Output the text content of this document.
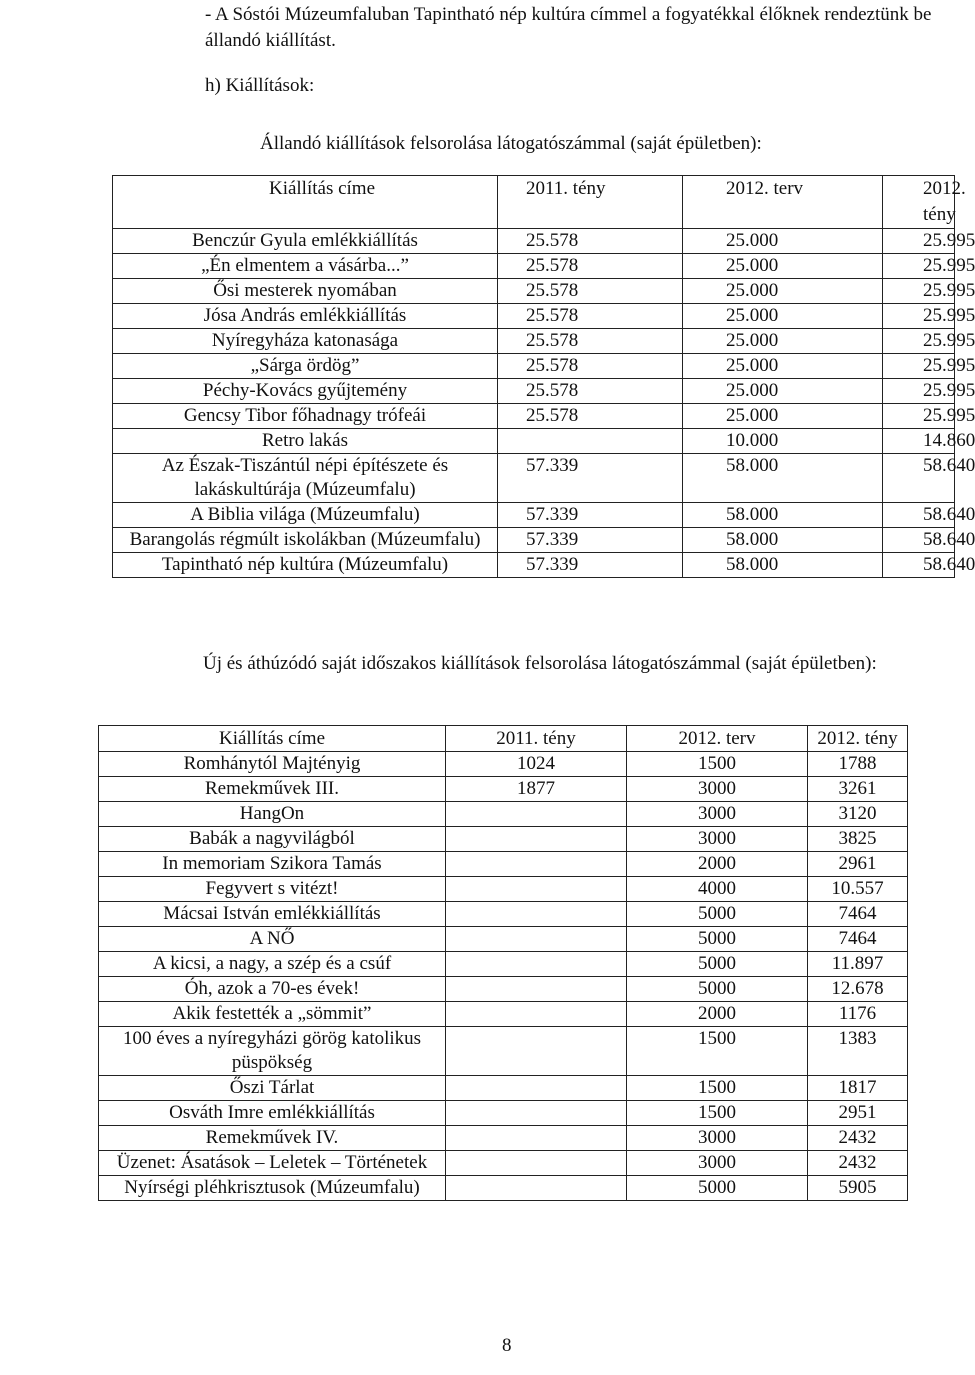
- A Sóstói Múzeumfaluban Tapintható nép kultúra címmel a fogyatékkal élőknek rendeztünk be állandó kiállítást.
h) Kiállítások:
Állandó kiállítások felsorolása látogatószámmal (saját épületben):
Kiállítás címe	2011. tény	2012. terv	2012. tény
Benczúr Gyula emlékkiállítás	25.578	25.000	25.995
„Én elmentem a vásárba...”	25.578	25.000	25.995
Ősi mesterek nyomában	25.578	25.000	25.995
Jósa András emlékkiállítás	25.578	25.000	25.995
Nyíregyháza katonasága	25.578	25.000	25.995
„Sárga ördög”	25.578	25.000	25.995
Péchy-Kovács gyűjtemény	25.578	25.000	25.995
Gencsy Tibor főhadnagy trófeái	25.578	25.000	25.995
Retro lakás		10.000	14.860
Az Észak-Tiszántúl népi építészete és lakáskultúrája (Múzeumfalu)	57.339	58.000	58.640
A Biblia világa (Múzeumfalu)	57.339	58.000	58.640
Barangolás régmúlt iskolákban (Múzeumfalu)	57.339	58.000	58.640
Tapintható nép kultúra (Múzeumfalu)	57.339	58.000	58.640
Új és áthúzódó saját időszakos kiállítások felsorolása látogatószámmal (saját épületben):
Kiállítás címe	2011. tény	2012. terv	2012. tény
Romhánytól Majtényig	1024	1500	1788
Remekművek III.	1877	3000	3261
HangOn		3000	3120
Babák a nagyvilágból		3000	3825
In memoriam Szikora Tamás		2000	2961
Fegyvert s vitézt!		4000	10.557
Mácsai István emlékkiállítás		5000	7464
A NŐ		5000	7464
A kicsi, a nagy, a szép és a csúf		5000	11.897
Óh, azok a 70-es évek!		5000	12.678
Akik festették a „sömmit”		2000	1176
100 éves a nyíregyházi görög katolikus püspökség		1500	1383
Őszi Tárlat		1500	1817
Osváth Imre emlékkiállítás		1500	2951
Remekművek IV.		3000	2432
Üzenet: Ásatások – Leletek – Történetek		3000	2432
Nyírségi pléhkrisztusok (Múzeumfalu)		5000	5905
8
